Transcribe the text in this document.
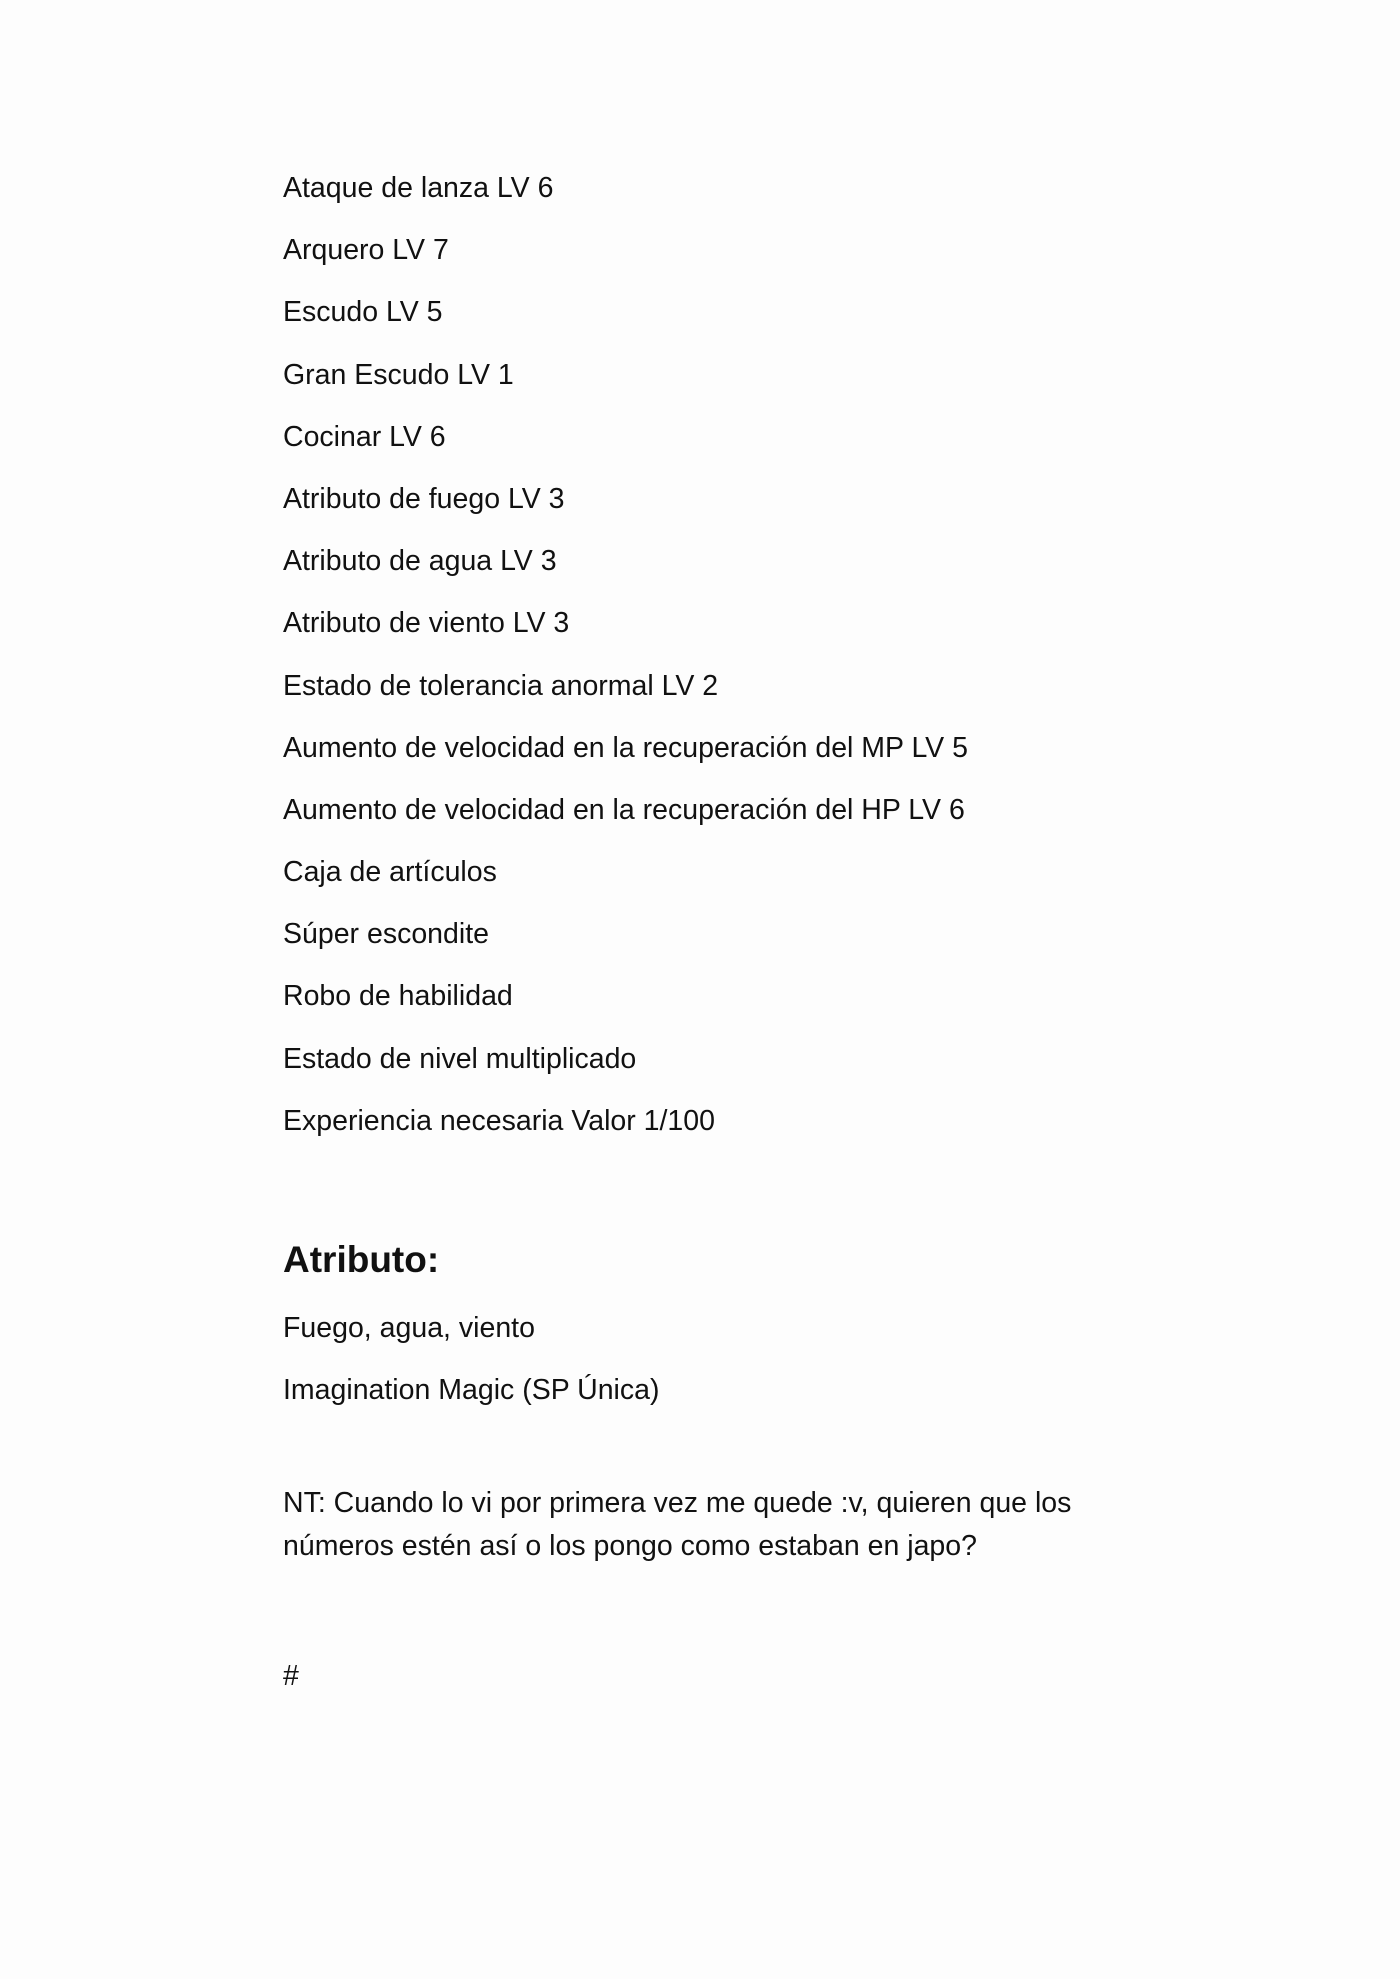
Ataque de lanza LV 6
Arquero LV 7
Escudo LV 5
Gran Escudo LV 1
Cocinar LV 6
Atributo de fuego LV 3
Atributo de agua LV 3
Atributo de viento LV 3
Estado de tolerancia anormal LV 2
Aumento de velocidad en la recuperación del MP LV 5
Aumento de velocidad en la recuperación del HP LV 6
Caja de artículos
Súper escondite
Robo de habilidad
Estado de nivel multiplicado
Experiencia necesaria Valor 1/100
Atributo:
Fuego, agua, viento
Imagination Magic (SP Única)

NT: Cuando lo vi por primera vez me quede :v, quieren que los números estén así o los pongo como estaban en japo?

#
